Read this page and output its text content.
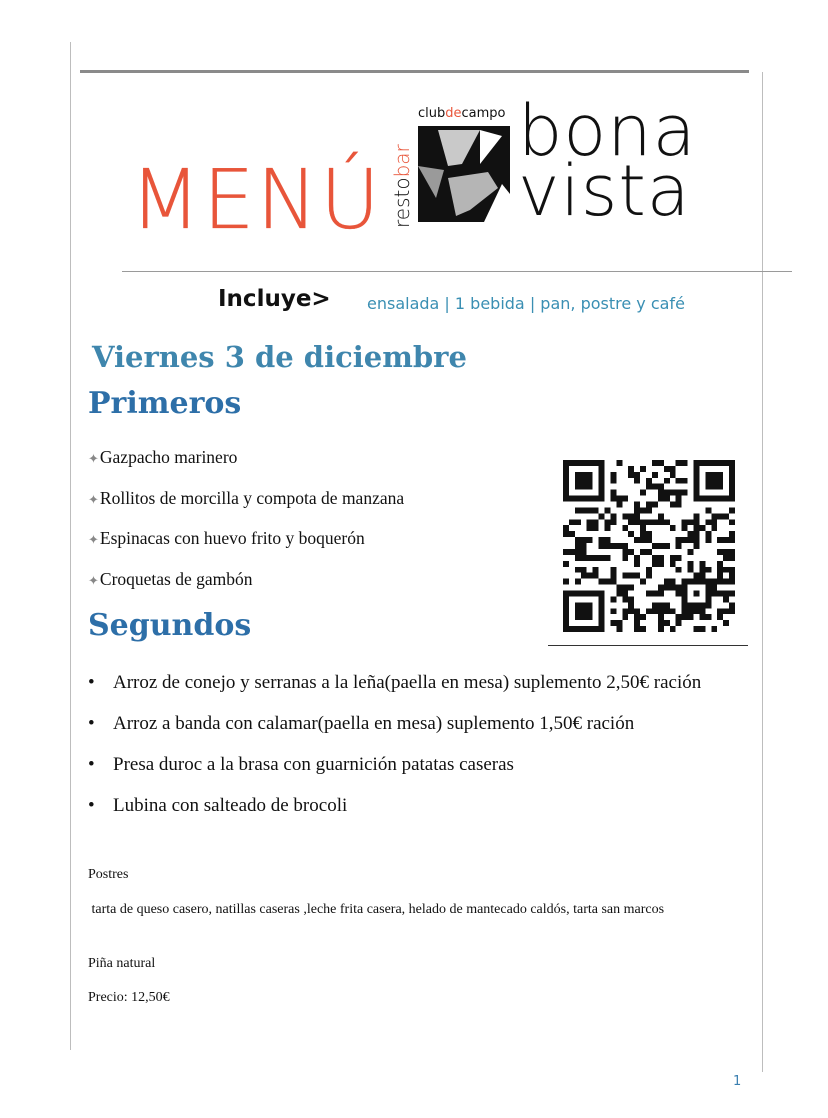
MENÚ restobar
clubdecampo bona
vista
Incluye> ensalada | 1 bebida | pan, postre y café
Viernes 3 de diciembre
Primeros
✦Gazpacho marinero
✦Rollitos de morcilla y compota de manzana
✦Espinacas con huevo frito y boquerón
✦Croquetas de gambón
Segundos
• Arroz de conejo y serranas a la leña(paella en mesa) suplemento 2,50€ ración
• Arroz a banda con calamar(paella en mesa) suplemento 1,50€ ración
• Presa duroc a la brasa con guarnición patatas caseras
• Lubina con salteado de brocoli
Postres
tarta de queso casero, natillas caseras ,leche frita casera, helado de mantecado caldós, tarta san marcos
Piña natural
Precio: 12,50€
1
